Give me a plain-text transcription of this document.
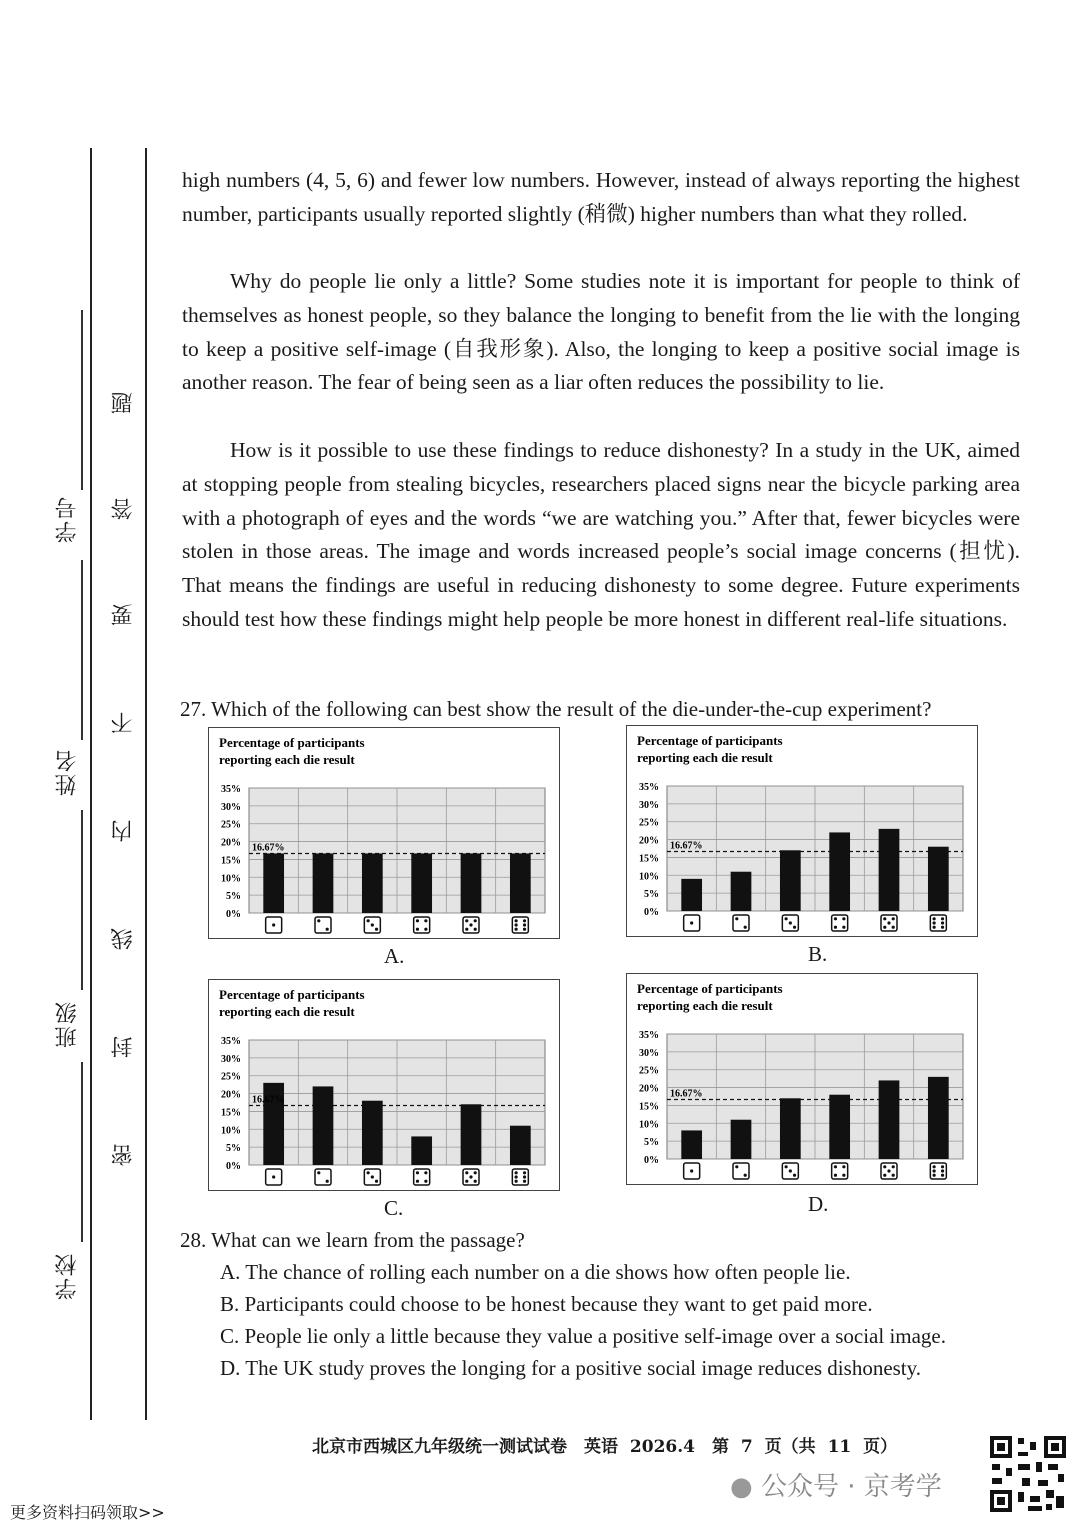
学号
姓名
班级
学校
题
答
要
不
内
线
封
密

high numbers (4, 5, 6) and fewer low numbers. However, instead of always reporting the highest number, participants usually reported slightly (稍微) higher numbers than what they rolled.

Why do people lie only a little? Some studies note it is important for people to think of themselves as honest people, so they balance the longing to benefit from the lie with the longing to keep a positive self-image (自我形象). Also, the longing to keep a positive social image is another reason. The fear of being seen as a liar often reduces the possibility to lie.

How is it possible to use these findings to reduce dishonesty? In a study in the UK, aimed at stopping people from stealing bicycles, researchers placed signs near the bicycle parking area with a photograph of eyes and the words “we are watching you.” After that, fewer bicycles were stolen in those areas. The image and words increased people’s social image concerns (担忧). That means the findings are useful in reducing dishonesty to some degree. Future experiments should test how these findings might help people be more honest in different real-life situations.

27. Which of the following can best show the result of the die-under-the-cup experiment?

Percentage of participants
reporting each die result
35%
30%
25%
20%
15%
10%
5%
0%
16.67%
A.
Percentage of participants
reporting each die result
35%
30%
25%
20%
15%
10%
5%
0%
16.67%
B.
Percentage of participants
reporting each die result
35%
30%
25%
20%
15%
10%
5%
0%
16.67%
C.
Percentage of participants
reporting each die result
35%
30%
25%
20%
15%
10%
5%
0%
16.67%
D.

28. What can we learn from the passage?

A. The chance of rolling each number on a die shows how often people lie.

B. Participants could choose to be honest because they want to get paid more.

C. People lie only a little because they value a positive self-image over a social image.

D. The UK study proves the longing for a positive social image reduces dishonesty.

北京市西城区九年级统一测试试卷　英语 2026.4　第 7 页（共 11 页）
● 公众号 · 京考学
更多资料扫码领取>>
